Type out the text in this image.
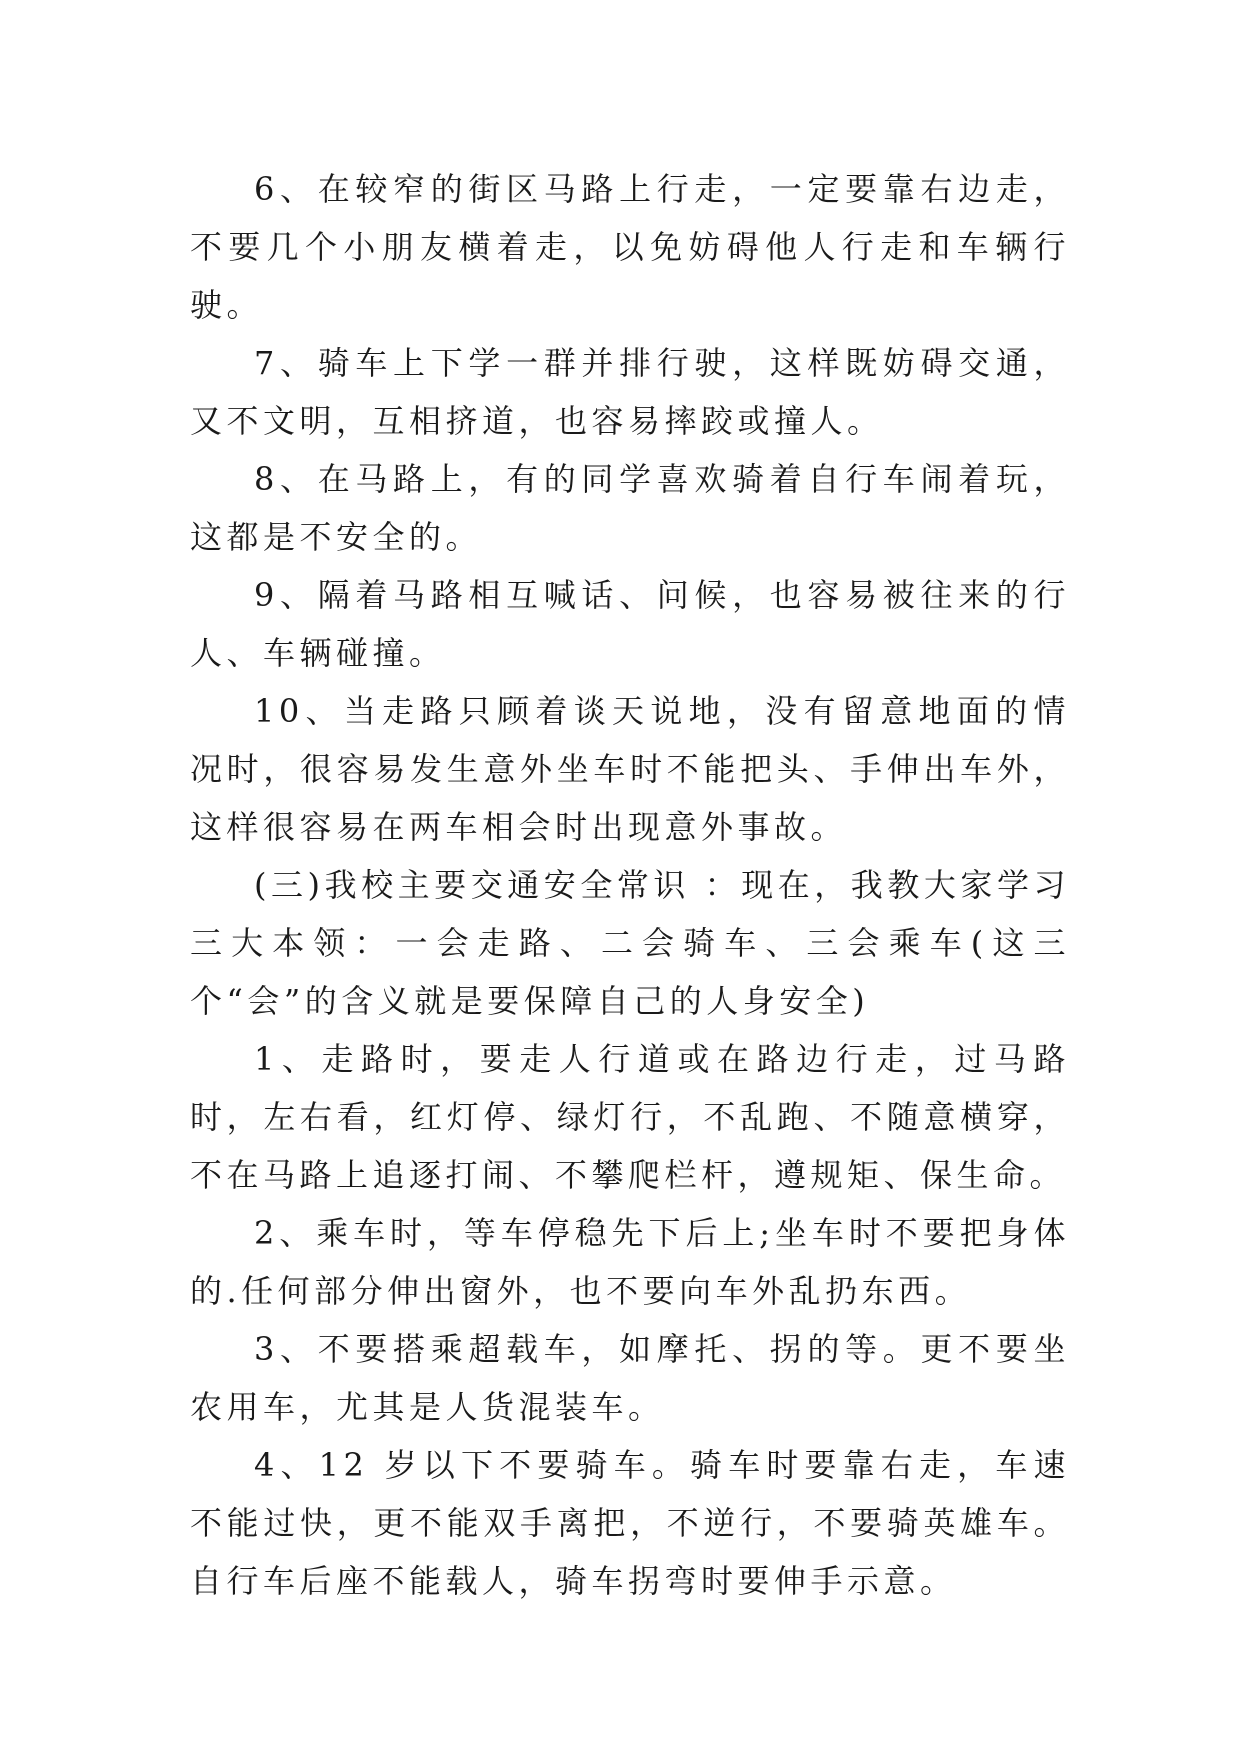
6、在较窄的街区马路上行走，一定要靠右边走，不要几个小朋友横着走，以免妨碍他人行走和车辆行驶。

7、骑车上下学一群并排行驶，这样既妨碍交通，又不文明，互相挤道，也容易摔跤或撞人。

8、在马路上，有的同学喜欢骑着自行车闹着玩，这都是不安全的。

9、隔着马路相互喊话、问候，也容易被往来的行人、车辆碰撞。

10、当走路只顾着谈天说地，没有留意地面的情况时，很容易发生意外坐车时不能把头、手伸出车外，这样很容易在两车相会时出现意外事故。

(三)我校主要交通安全常识 ：现在，我教大家学习三大本领：一会走路、二会骑车、三会乘车(这三个“会”的含义就是要保障自己的人身安全)

1、走路时，要走人行道或在路边行走，过马路时，左右看，红灯停、绿灯行，不乱跑、不随意横穿，不在马路上追逐打闹、不攀爬栏杆，遵规矩、保生命。

2、乘车时，等车停稳先下后上;坐车时不要把身体的.任何部分伸出窗外，也不要向车外乱扔东西。

3、不要搭乘超载车，如摩托、拐的等。更不要坐农用车，尤其是人货混装车。

4、12 岁以下不要骑车。骑车时要靠右走，车速不能过快，更不能双手离把，不逆行，不要骑英雄车。自行车后座不能载人，骑车拐弯时要伸手示意。
